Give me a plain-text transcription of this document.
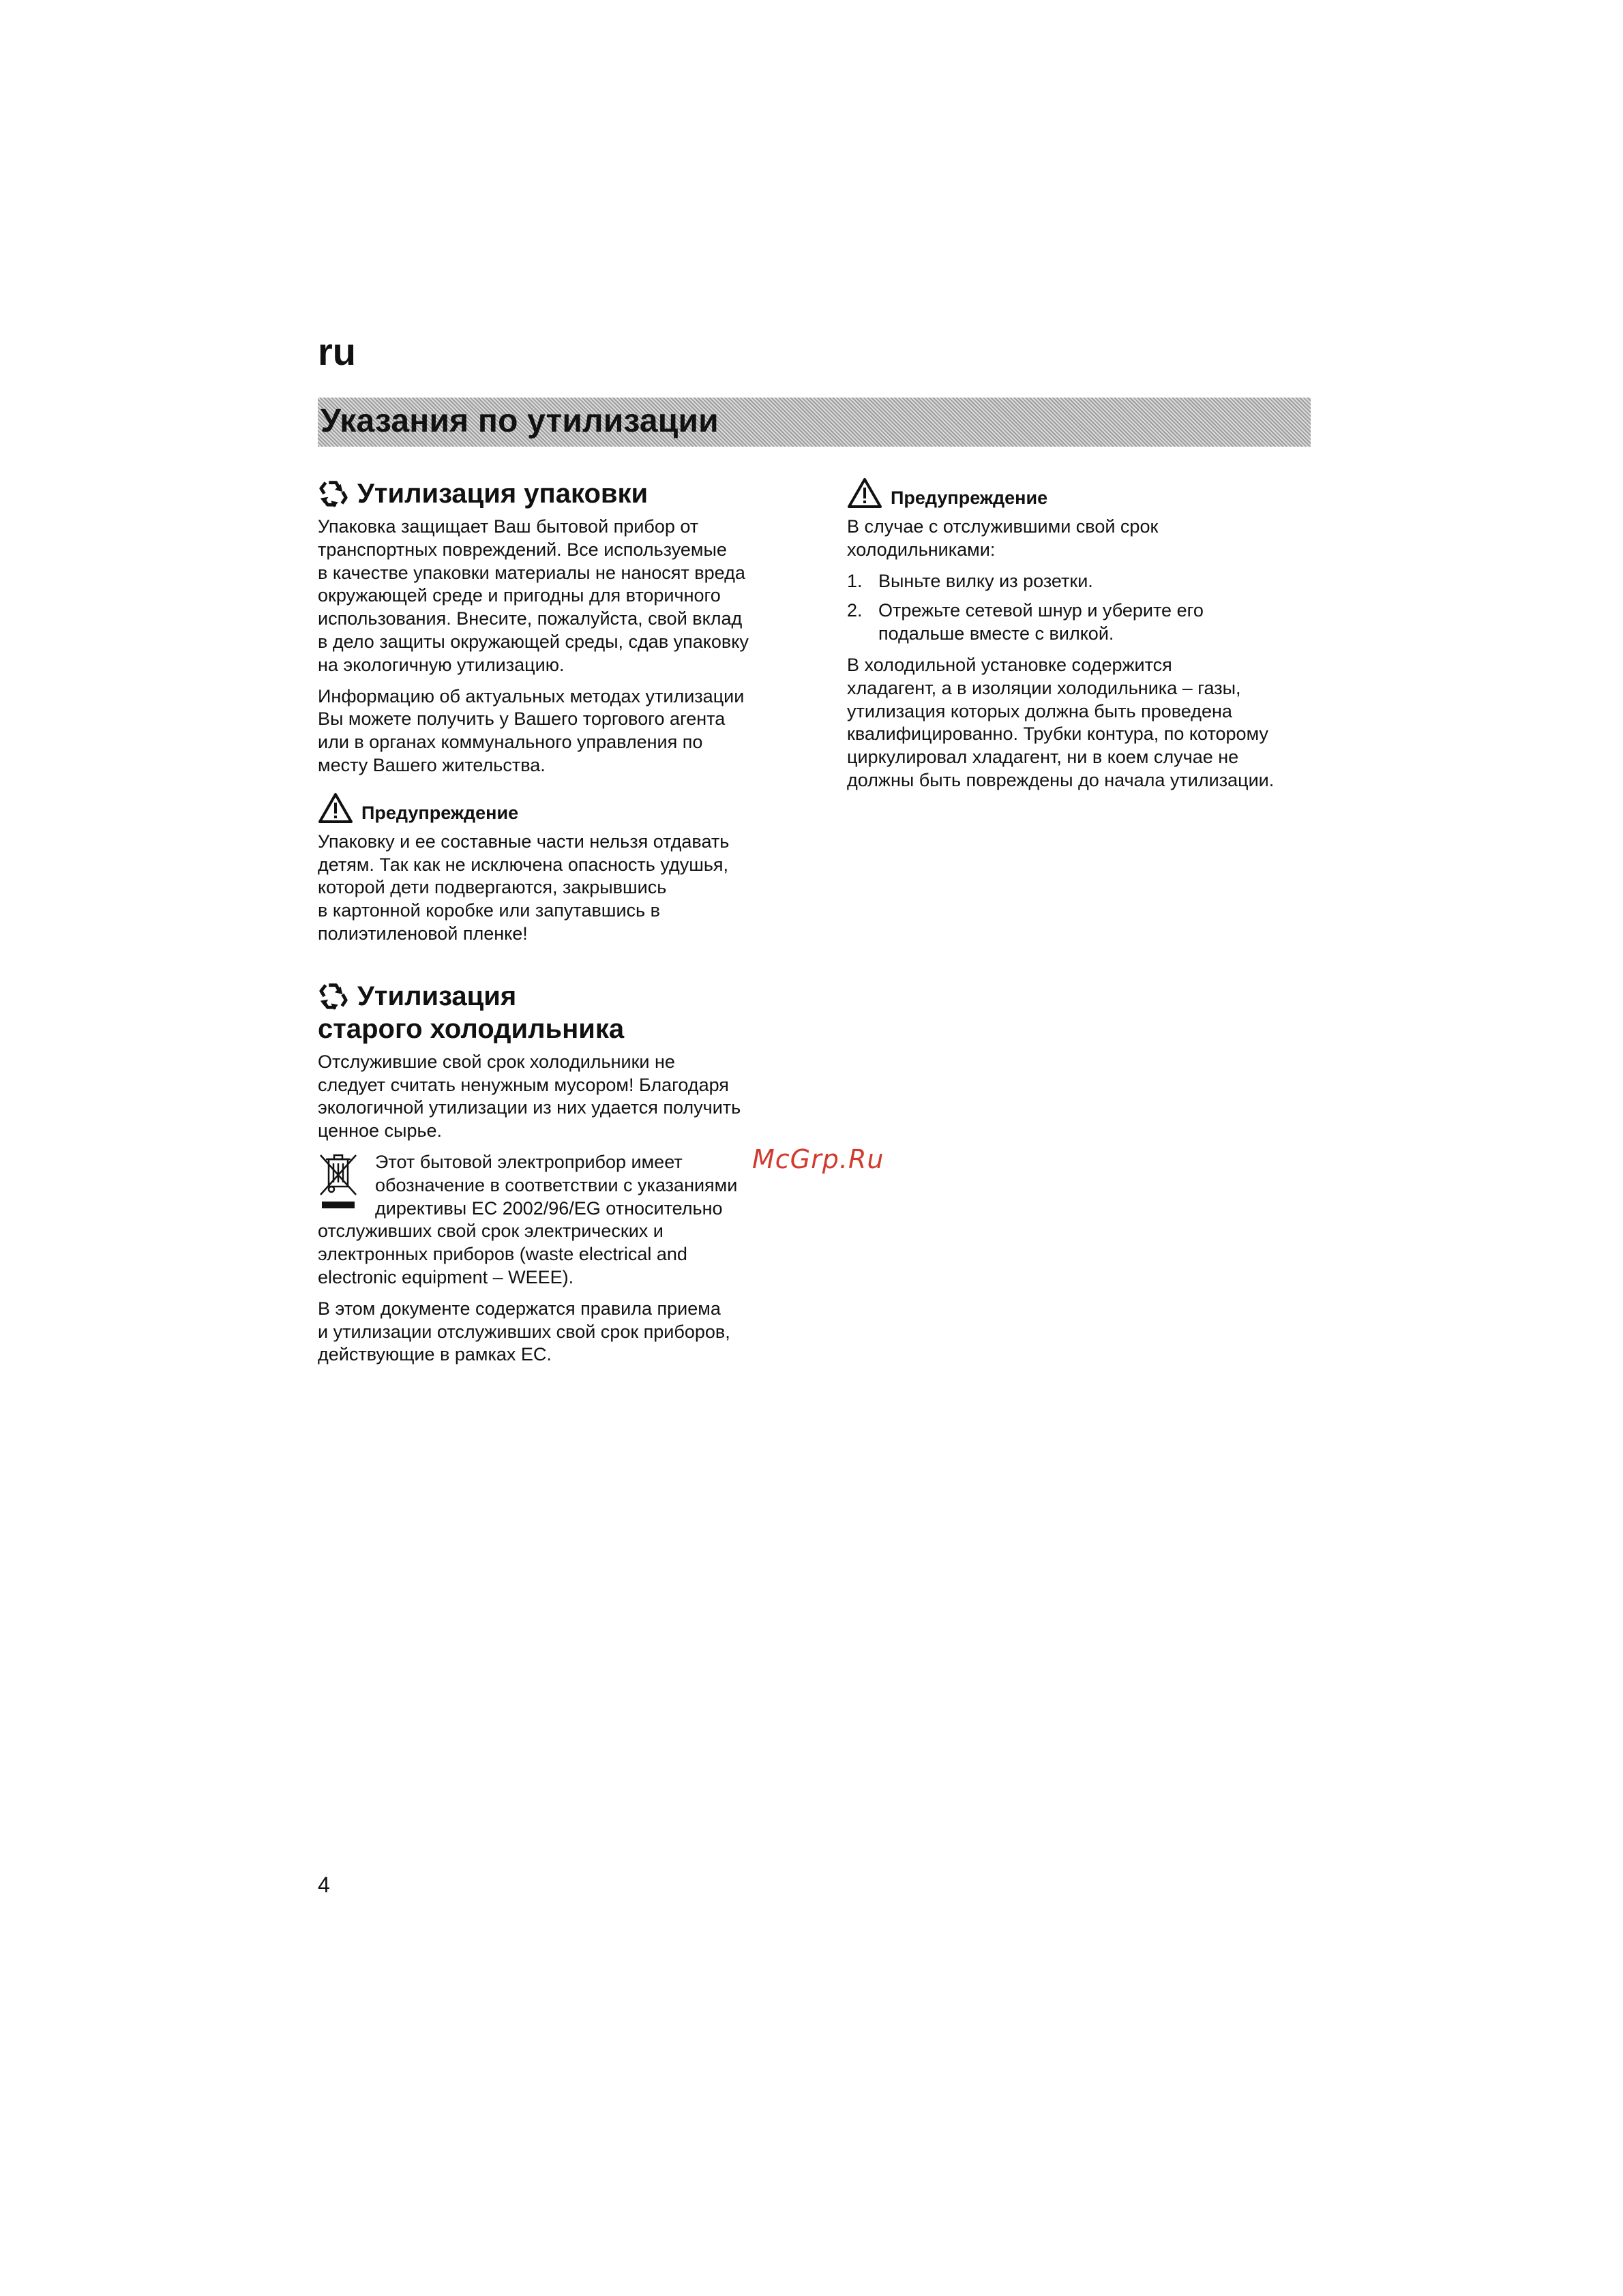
ru
Указания по утилизации
Утилизация упаковки

Упаковка защищает Ваш бытовой прибор от
транспортных повреждений. Все используемые
в качестве упаковки материалы не наносят вреда
окружающей среде и пригодны для вторичного
использования. Внесите, пожалуйста, свой вклад
в дело защиты окружающей среды, сдав упаковку
на экологичную утилизацию.

Информацию об актуальных методах утилизации
Вы можете получить у Вашего торгового агента
или в органах коммунального управления по
месту Вашего жительства.

Предупреждение

Упаковку и ее составные части нельзя отдавать
детям. Так как не исключена опасность удушья,
которой дети подвергаются, закрывшись
в картонной коробке или запутавшись в
полиэтиленовой пленке!

Утилизация
старого холодильника

Отслужившие свой срок холодильники не
следует считать ненужным мусором! Благодаря
экологичной утилизации из них удается получить
ценное сырье.

Этот бытовой электроприбор имеет
обозначение в соответствии с указаниями
директивы ЕС 2002/96/EG относительно
отслуживших свой срок электрических и
электронных приборов (waste electrical and
electronic equipment – WEEE).

В этом документе содержатся правила приема
и утилизации отслуживших свой срок приборов,
действующие в рамках ЕС.

Предупреждение

В случае с отслужившими свой срок
холодильниками:

1. Выньте вилку из розетки.
2. Отрежьте сетевой шнур и уберите его
подальше вместе с вилкой.

В холодильной установке содержится
хладагент, а в изоляции холодильника – газы,
утилизация которых должна быть проведена
квалифицированно. Трубки контура, по которому
циркулировал хладагент, ни в коем случае не
должны быть повреждены до начала утилизации.

McGrp.Ru
4
